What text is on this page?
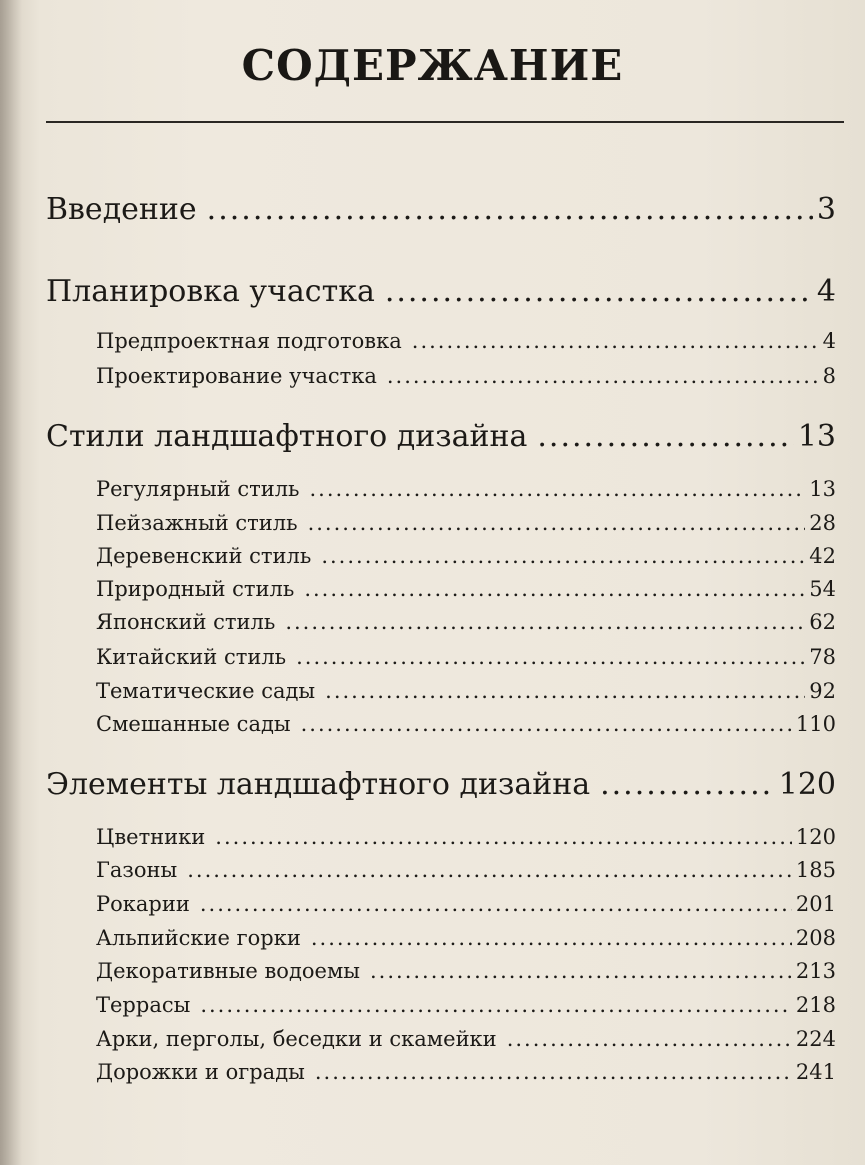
СОДЕРЖАНИЕ
Введение .....	3
Планировка участка .....	4
Предпроектная подготовка .....	4
Проектирование участка .....	8
Стили ландшафтного дизайна .....	13
Регулярный стиль .....	13
Пейзажный стиль .....	28
Деревенский стиль .....	42
Природный стиль .....	54
Японский стиль .....	62
Китайский стиль .....	78
Тематические сады .....	92
Смешанные сады .....	110
Элементы ландшафтного дизайна .....	120
Цветники .....	120
Газоны .....	185
Рокарии .....	201
Альпийские горки .....	208
Декоративные водоемы .....	213
Террасы .....	218
Арки, перголы, беседки и скамейки .....	224
Дорожки и ограды .....	241
